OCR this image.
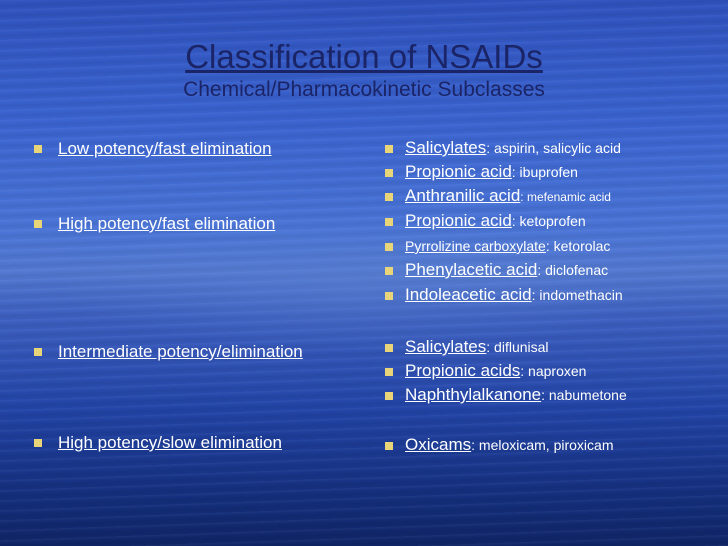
Classification of NSAIDs
Chemical/Pharmacokinetic Subclasses
Low potency/fast elimination
High potency/fast elimination
Intermediate potency/elimination
High potency/slow elimination
Salicylates: aspirin, salicylic acid
Propionic acid: ibuprofen
Anthranilic acid: mefenamic acid
Propionic acid: ketoprofen
Pyrrolizine carboxylate: ketorolac
Phenylacetic acid: diclofenac
Indoleacetic acid: indomethacin
Salicylates: diflunisal
Propionic acids: naproxen
Naphthylalkanone: nabumetone
Oxicams: meloxicam, piroxicam
